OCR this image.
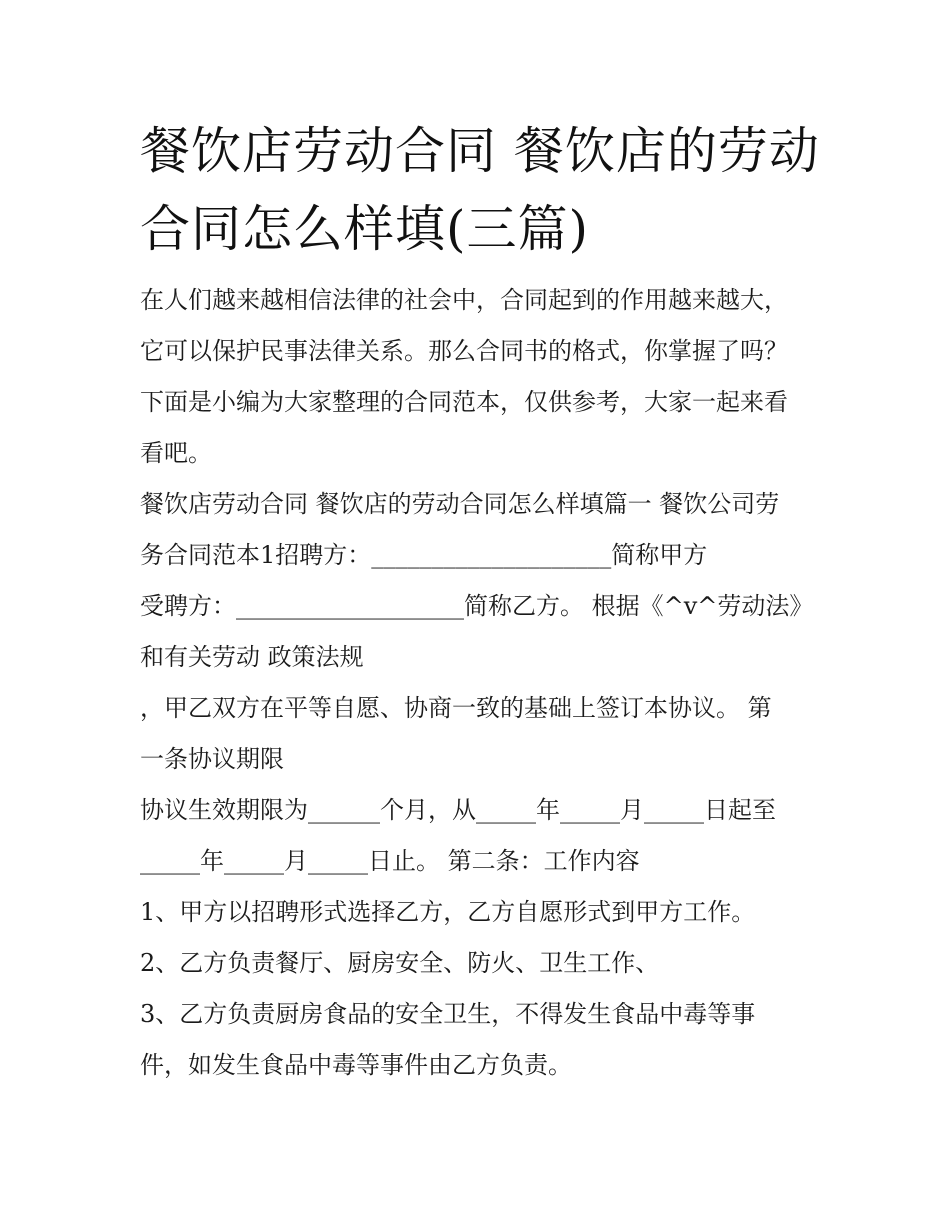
餐饮店劳动合同 餐饮店的劳动
合同怎么样填(三篇)
在人们越来越相信法律的社会中，合同起到的作用越来越大，
它可以保护民事法律关系。那么合同书的格式，你掌握了吗？
下面是小编为大家整理的合同范本，仅供参考，大家一起来看
看吧。
餐饮店劳动合同 餐饮店的劳动合同怎么样填篇一 餐饮公司劳
务合同范本1招聘方：____________________简称甲方
受聘方：___________________简称乙方。 根据《^v^劳动法》
和有关劳动 政策法规
，甲乙双方在平等自愿、协商一致的基础上签订本协议。 第
一条协议期限
协议生效期限为______个月，从_____年_____月_____日起至
_____年_____月_____日止。 第二条：工作内容
1、甲方以招聘形式选择乙方，乙方自愿形式到甲方工作。
2、乙方负责餐厅、厨房安全、防火、卫生工作、
3、乙方负责厨房食品的安全卫生，不得发生食品中毒等事
件，如发生食品中毒等事件由乙方负责。
